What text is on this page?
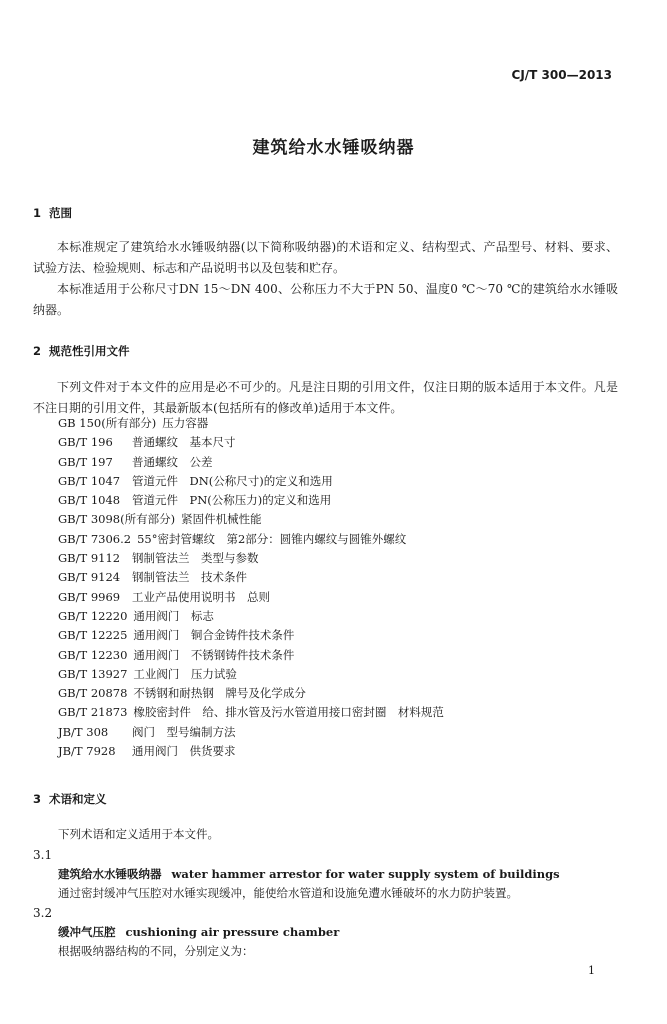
CJ/T 300—2013
建筑给水水锤吸纳器
1 范围
本标准规定了建筑给水水锤吸纳器(以下简称吸纳器)的术语和定义、结构型式、产品型号、材料、要求、试验方法、检验规则、标志和产品说明书以及包装和贮存。
本标准适用于公称尺寸DN 15～DN 400、公称压力不大于PN 50、温度0 ℃～70 ℃的建筑给水水锤吸纳器。
2 规范性引用文件
下列文件对于本文件的应用是必不可少的。凡是注日期的引用文件，仅注日期的版本适用于本文件。凡是不注日期的引用文件，其最新版本(包括所有的修改单)适用于本文件。
GB 150(所有部分) 压力容器
GB/T 196 普通螺纹　基本尺寸
GB/T 197 普通螺纹　公差
GB/T 1047 管道元件　DN(公称尺寸)的定义和选用
GB/T 1048 管道元件　PN(公称压力)的定义和选用
GB/T 3098(所有部分) 紧固件机械性能
GB/T 7306.2 55°密封管螺纹　第2部分：圆锥内螺纹与圆锥外螺纹
GB/T 9112 钢制管法兰　类型与参数
GB/T 9124 钢制管法兰　技术条件
GB/T 9969 工业产品使用说明书　总则
GB/T 12220 通用阀门　标志
GB/T 12225 通用阀门　铜合金铸件技术条件
GB/T 12230 通用阀门　不锈钢铸件技术条件
GB/T 13927 工业阀门　压力试验
GB/T 20878 不锈钢和耐热钢　牌号及化学成分
GB/T 21873 橡胶密封件　给、排水管及污水管道用接口密封圈　材料规范
JB/T 308 阀门　型号编制方法
JB/T 7928 通用阀门　供货要求
3 术语和定义
下列术语和定义适用于本文件。
3.1
建筑给水水锤吸纳器 water hammer arrestor for water supply system of buildings
通过密封缓冲气压腔对水锤实现缓冲，能使给水管道和设施免遭水锤破坏的水力防护装置。
3.2
缓冲气压腔 cushioning air pressure chamber
根据吸纳器结构的不同，分别定义为：
1
